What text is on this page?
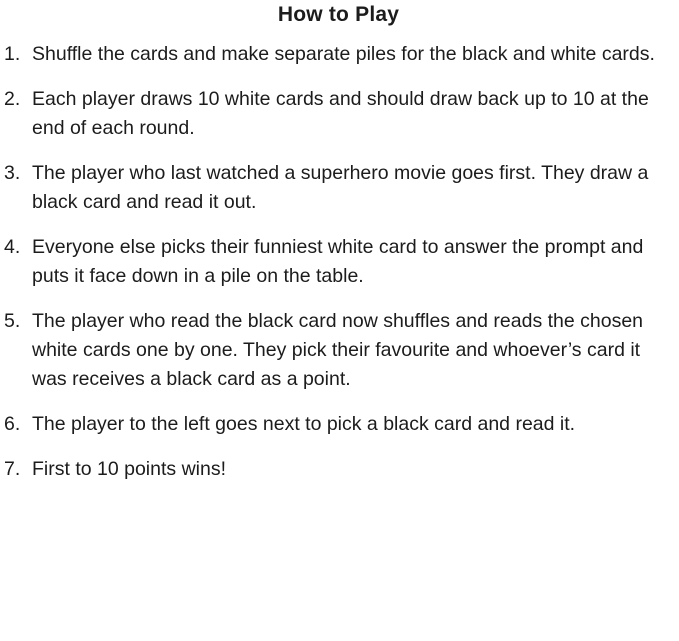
How to Play
1. Shuffle the cards and make separate piles for the black and white cards.
2. Each player draws 10 white cards and should draw back up to 10 at the end of each round.
3. The player who last watched a superhero movie goes first. They draw a black card and read it out.
4. Everyone else picks their funniest white card to answer the prompt and puts it face down in a pile on the table.
5. The player who read the black card now shuffles and reads the chosen white cards one by one. They pick their favourite and whoever’s card it was receives a black card as a point.
6. The player to the left goes next to pick a black card and read it.
7. First to 10 points wins!
